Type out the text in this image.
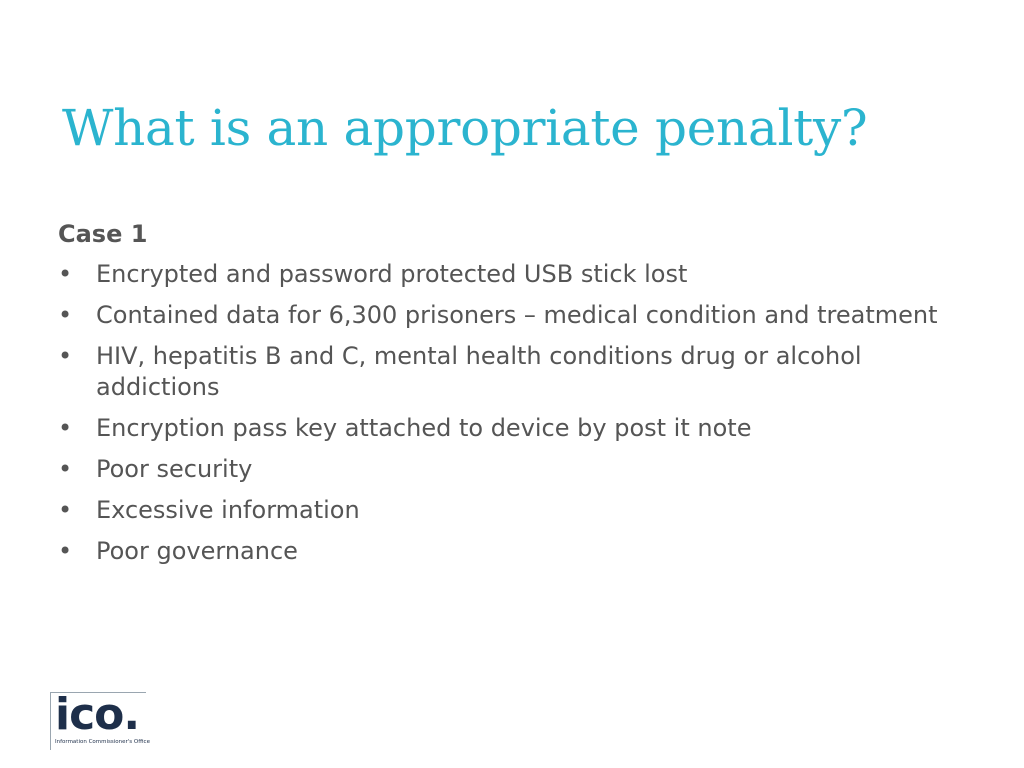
What is an appropriate penalty?

Case 1

• Encrypted and password protected USB stick lost
• Contained data for 6,300 prisoners – medical condition and treatment
• HIV, hepatitis B and C, mental health conditions drug or alcohol addictions
• Encryption pass key attached to device by post it note
• Poor security
• Excessive information
• Poor governance
ico.
Information Commissioner's Office
